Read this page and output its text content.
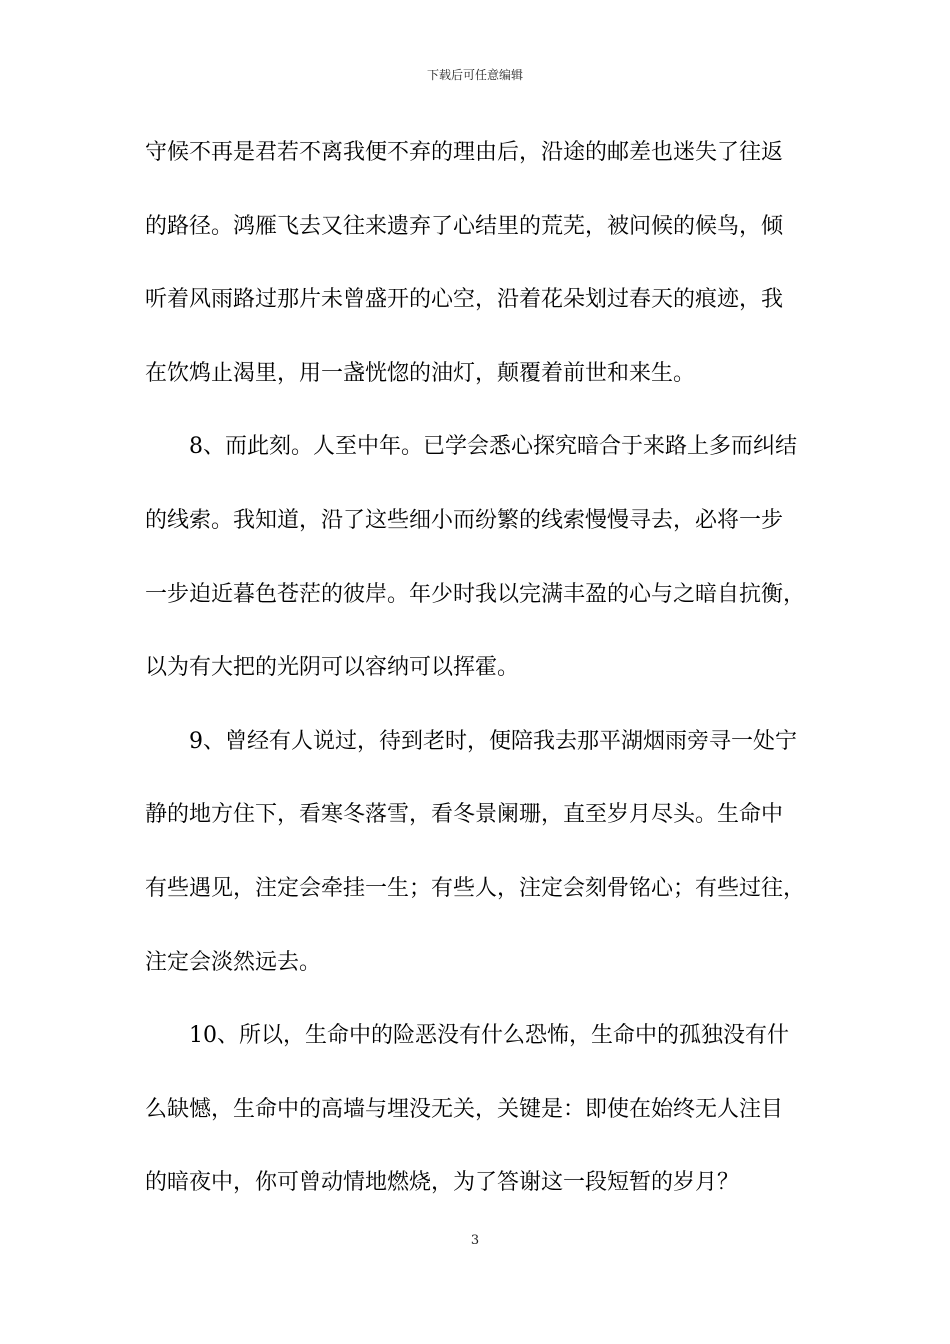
下载后可任意编辑
守候不再是君若不离我便不弃的理由后，沿途的邮差也迷失了往返
的路径。鸿雁飞去又往来遗弃了心结里的荒芜，被问候的候鸟，倾
听着风雨路过那片未曾盛开的心空，沿着花朵划过春天的痕迹，我
在饮鸩止渴里，用一盏恍惚的油灯，颠覆着前世和来生。
8、而此刻。人至中年。已学会悉心探究暗合于来路上多而纠结
的线索。我知道，沿了这些细小而纷繁的线索慢慢寻去，必将一步
一步迫近暮色苍茫的彼岸。年少时我以完满丰盈的心与之暗自抗衡，
以为有大把的光阴可以容纳可以挥霍。
9、曾经有人说过，待到老时，便陪我去那平湖烟雨旁寻一处宁
静的地方住下，看寒冬落雪，看冬景阑珊，直至岁月尽头。生命中
有些遇见，注定会牵挂一生；有些人，注定会刻骨铭心；有些过往，
注定会淡然远去。
10、所以，生命中的险恶没有什么恐怖，生命中的孤独没有什
么缺憾，生命中的高墙与埋没无关，关键是：即使在始终无人注目
的暗夜中，你可曾动情地燃烧，为了答谢这一段短暂的岁月？
3
